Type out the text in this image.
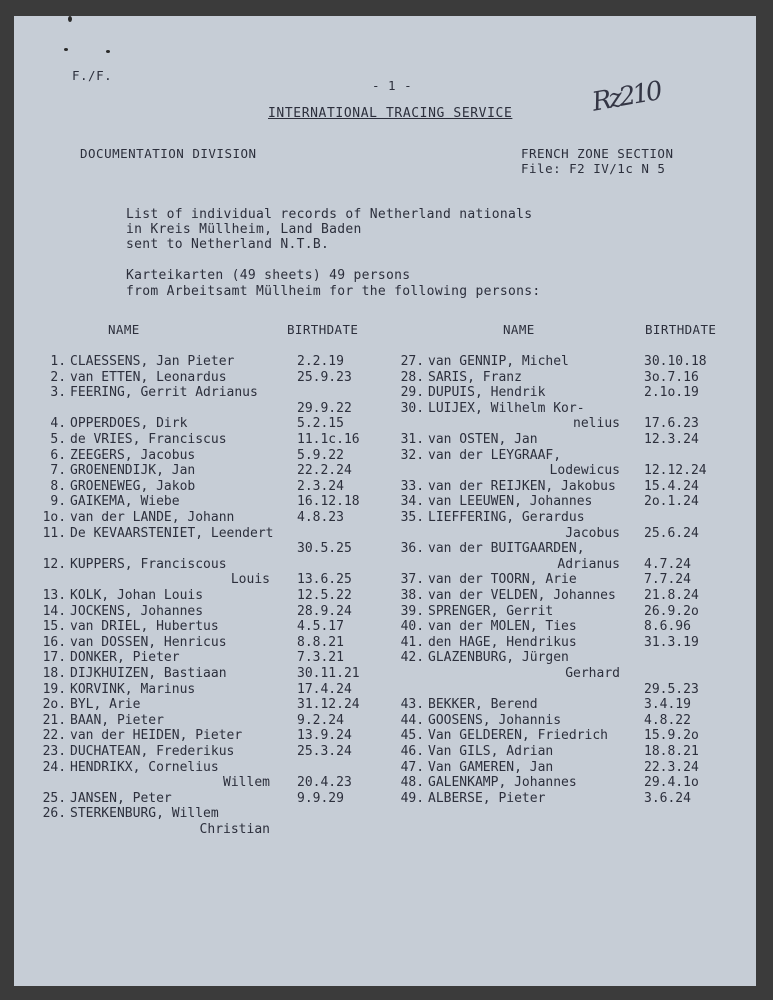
F./F.
- 1 -	Rz210
INTERNATIONAL TRACING SERVICE
DOCUMENTATION DIVISION	FRENCH ZONE SECTION
File: F2 IV/1c N 5
List of individual records of Netherland nationals
in Kreis Müllheim, Land Baden
sent to Netherland N.T.B.
Karteikarten (49 sheets) 49 persons
from Arbeitsamt Müllheim for the following persons:
NAME	BIRTHDATE	NAME	BIRTHDATE
1. CLAESSENS, Jan Pieter	2.2.19
2. van ETTEN, Leonardus	25.9.23
3. FEERING, Gerrit Adrianus
29.9.22
4. OPPERDOES, Dirk	5.2.15
5. de VRIES, Franciscus	11.1c.16
6. ZEEGERS, Jacobus	5.9.22
7. GROENENDIJK, Jan	22.2.24
8. GROENEWEG, Jakob	2.3.24
9. GAIKEMA, Wiebe	16.12.18
1o. van der LANDE, Johann	4.8.23
11. De KEVAARSTENIET, Leendert
30.5.25
12. KUPPERS, Franciscous
Louis 13.6.25
13. KOLK, Johan Louis	12.5.22
14. JOCKENS, Johannes	28.9.24
15. van DRIEL, Hubertus	4.5.17
16. van DOSSEN, Henricus	8.8.21
17. DONKER, Pieter	7.3.21
18. DIJKHUIZEN, Bastiaan	30.11.21
19. KORVINK, Marinus	17.4.24
2o. BYL, Arie	31.12.24
21. BAAN, Pieter	9.2.24
22. van der HEIDEN, Pieter	13.9.24
23. DUCHATEAN, Frederikus	25.3.24
24. HENDRIKX, Cornelius
Willem 20.4.23
25. JANSEN, Peter	9.9.29
26. STERKENBURG, Willem
Christian
27. van GENNIP, Michel	30.10.18
28. SARIS, Franz	3o.7.16
29. DUPUIS, Hendrik	2.1o.19
30. LUIJEX, Wilhelm Kor-
nelius 17.6.23
31. van OSTEN, Jan	12.3.24
32. van der LEYGRAAF,
Lodewicus 12.12.24
33. van der REIJKEN, Jakobus 15.4.24
34. van LEEUWEN, Johannes	2o.1.24
35. LIEFFERING, Gerardus
Jacobus 25.6.24
36. van der BUITGAARDEN,
Adrianus 4.7.24
37. van der TOORN, Arie	7.7.24
38. van der VELDEN, Johannes 21.8.24
39. SPRENGER, Gerrit	26.9.2o
40. van der MOLEN, Ties	8.6.96
41. den HAGE, Hendrikus	31.3.19
42. GLAZENBURG, Jürgen
Gerhard
29.5.23
43. BEKKER, Berend	3.4.19
44. GOOSENS, Johannis	4.8.22
45. Van GELDEREN, Friedrich	15.9.2o
46. Van GILS, Adrian	18.8.21
47. Van GAMEREN, Jan	22.3.24
48. GALENKAMP, Johannes	29.4.1o
49. ALBERSE, Pieter	3.6.24
